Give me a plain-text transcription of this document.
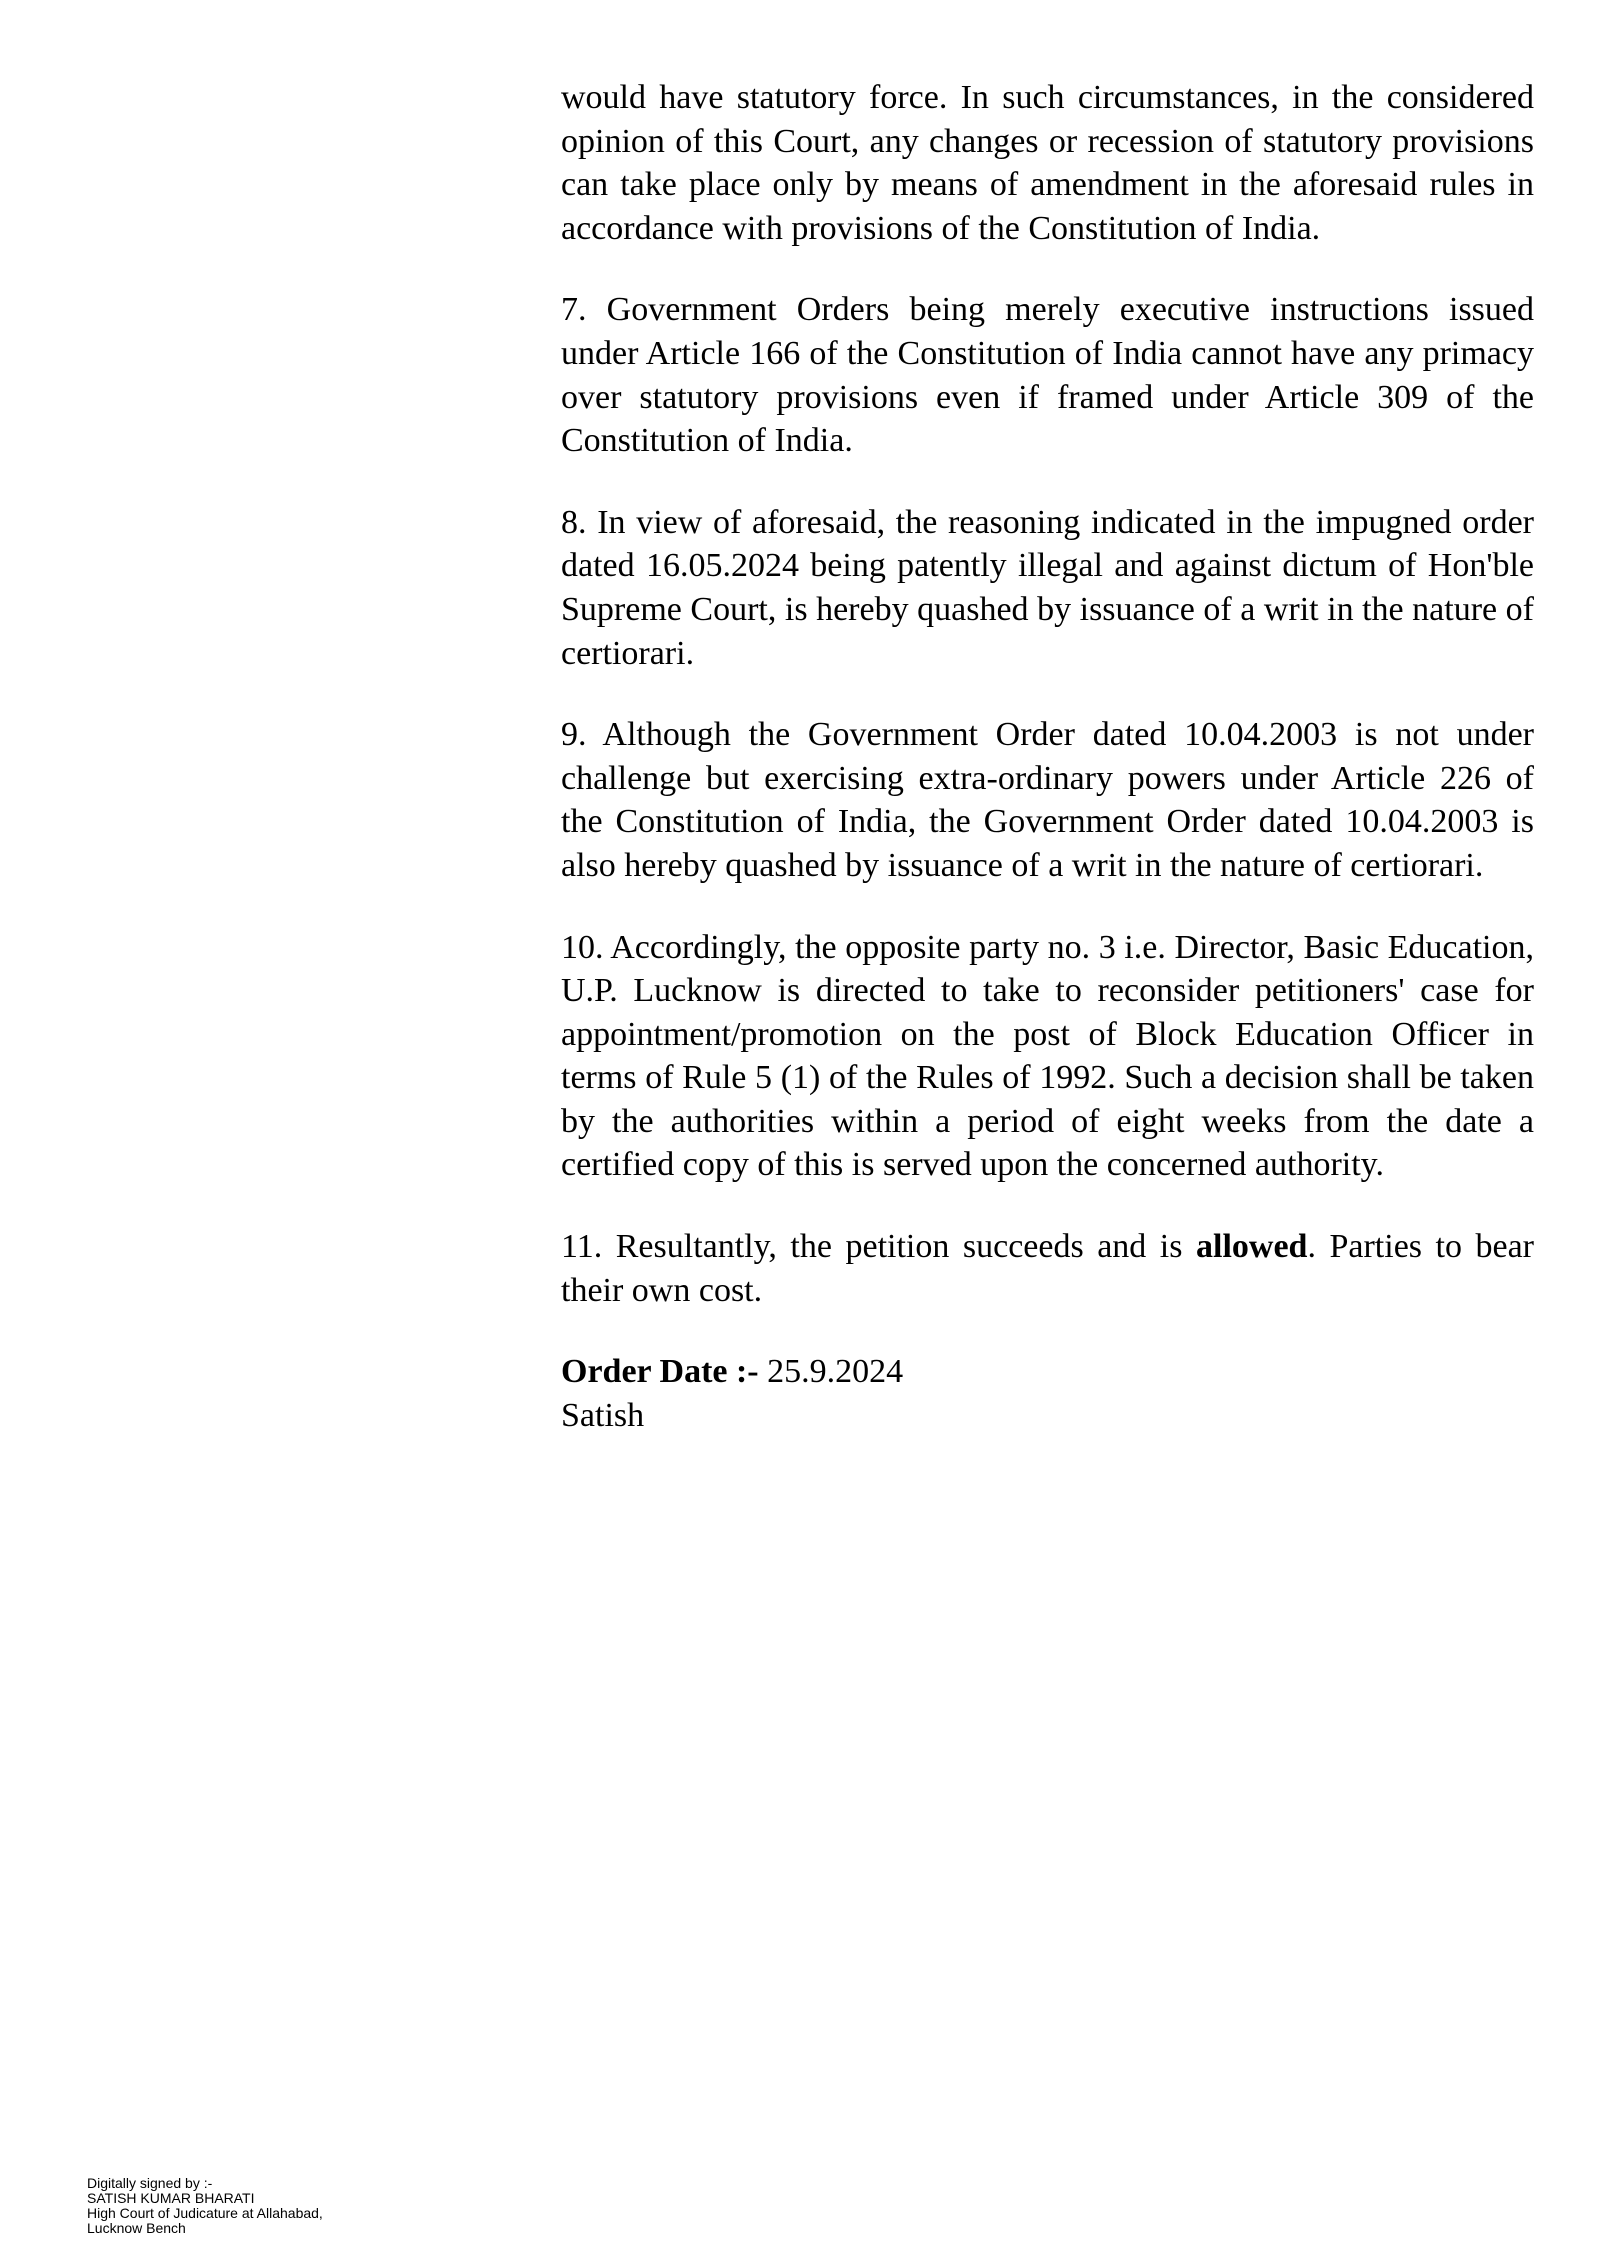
would have statutory force. In such circumstances, in the considered opinion of this Court, any changes or recession of statutory provisions can take place only by means of amendment in the aforesaid rules in accordance with provisions of the Constitution of India.

7. Government Orders being merely executive instructions issued under Article 166 of the Constitution of India cannot have any primacy over statutory provisions even if framed under Article 309 of the Constitution of India.

8. In view of aforesaid, the reasoning indicated in the impugned order dated 16.05.2024 being patently illegal and against dictum of Hon'ble Supreme Court, is hereby quashed by issuance of a writ in the nature of certiorari.

9. Although the Government Order dated 10.04.2003 is not under challenge but exercising extra-ordinary powers under Article 226 of the Constitution of India, the Government Order dated 10.04.2003 is also hereby quashed by issuance of a writ in the nature of certiorari.

10. Accordingly, the opposite party no. 3 i.e. Director, Basic Education, U.P. Lucknow is directed to take to reconsider petitioners' case for appointment/promotion on the post of Block Education Officer in terms of Rule 5 (1) of the Rules of 1992. Such a decision shall be taken by the authorities within a period of eight weeks from the date a certified copy of this is served upon the concerned authority.

11. Resultantly, the petition succeeds and is allowed. Parties to bear their own cost.

Order Date :- 25.9.2024

Satish

Digitally signed by :-
SATISH KUMAR BHARATI
High Court of Judicature at Allahabad,
Lucknow Bench
